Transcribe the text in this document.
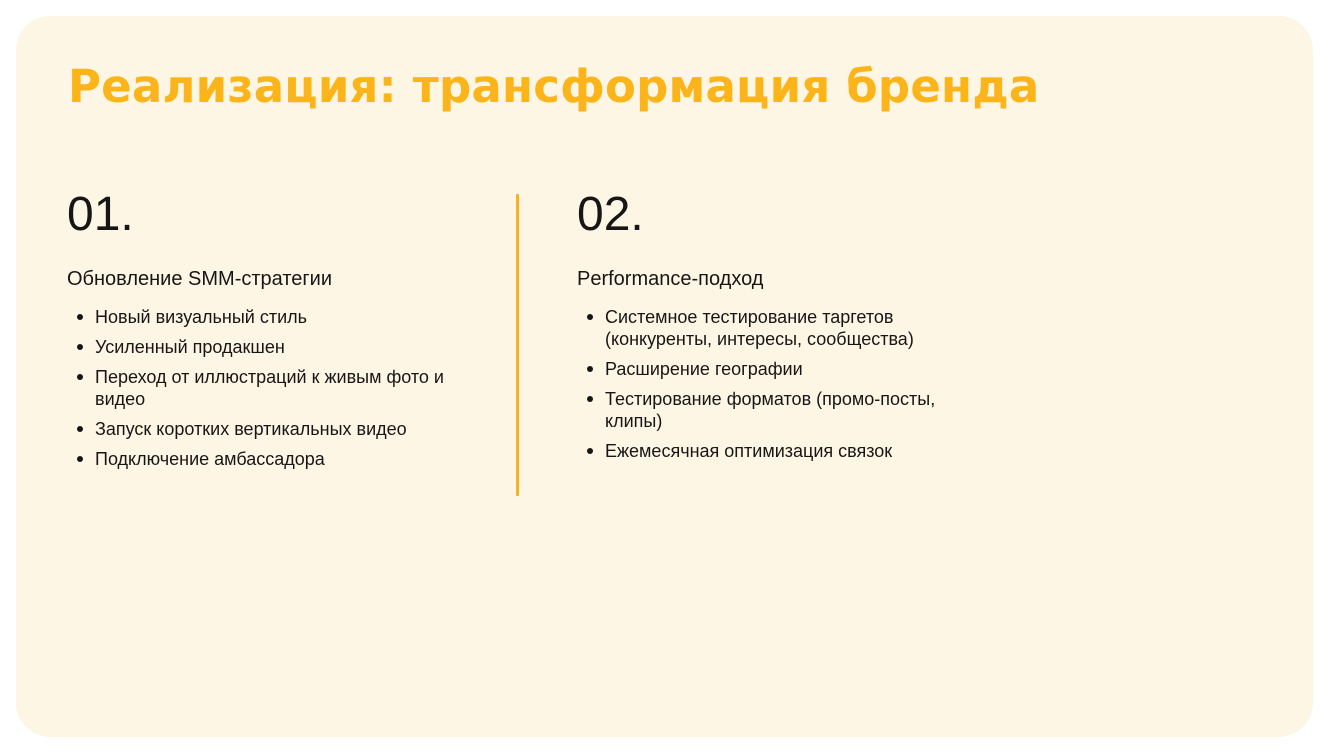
Реализация: трансформация бренда
01.
Обновление SMM-стратегии
Новый визуальный стиль
Усиленный продакшен
Переход от иллюстраций к живым фото и видео
Запуск коротких вертикальных видео
Подключение амбассадора
02.
Performance-подход
Системное тестирование таргетов (конкуренты, интересы, сообщества)
Расширение географии
Тестирование форматов (промо-посты, клипы)
Ежемесячная оптимизация связок
